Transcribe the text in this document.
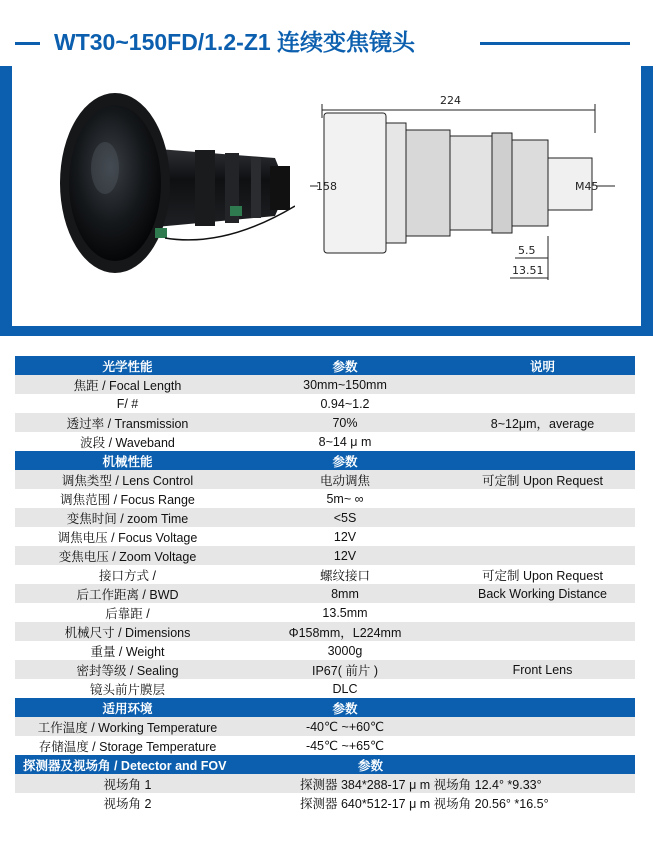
WT30~150FD/1.2-Z1 连续变焦镜头
224
158	M45
5.5
13.51
光学性能	参数	说明
焦距 / Focal Length	30mm~150mm	
F/ #	0.94~1.2	
透过率 / Transmission	70%	8~12μm，average
波段 / Waveband	8~14 μ m	
机械性能	参数	
调焦类型 / Lens Control	电动调焦	可定制 Upon Request
调焦范围 / Focus Range	5m~ ∞	
变焦时间 / zoom Time	<5S	
调焦电压 / Focus Voltage	12V	
变焦电压 / Zoom Voltage	12V	
接口方式 /	螺纹接口	可定制 Upon Request
后工作距离 / BWD	8mm	Back Working Distance
后靠距 /	13.5mm	
机械尺寸 / Dimensions	Φ158mm，L224mm	
重量 / Weight	3000g	
密封等级 / Sealing	IP67( 前片 )	Front Lens
镜头前片膜层	DLC	
适用环境	参数	
工作温度 / Working Temperature	-40℃ ~+60℃	
存储温度 / Storage Temperature	-45℃ ~+65℃	
探测器及视场角 / Detector and FOV	参数	
视场角 1	探测器 384*288-17 μ m 视场角 12.4° *9.33°	
视场角 2	探测器 640*512-17 μ m 视场角 20.56° *16.5°	
